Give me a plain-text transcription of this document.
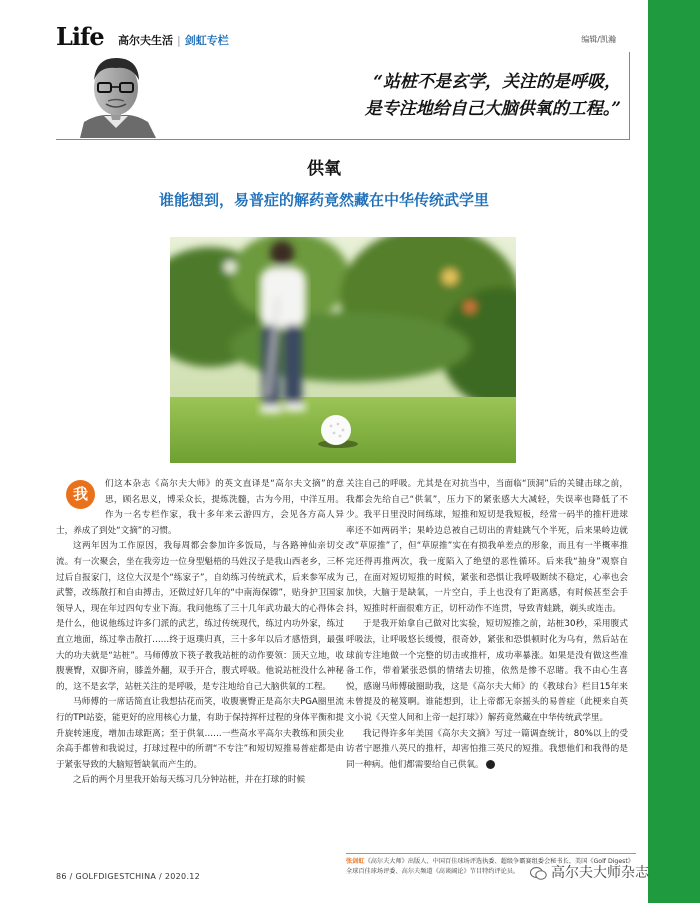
Life 高尔夫生活 | 剑虹专栏	编辑/凯瀚
“站桩不是玄学，关注的是呼吸，
是专注地给自己大脑供氧的工程。”
供氧
谁能想到，易普症的解药竟然藏在中华传统武学里

我
们这本杂志《高尔夫大师》的英文直译是“高尔夫文摘”的意思，顾名思义，博采众长，提炼洗髓，古为今用，中洋互用。作为一名专栏作家，我十多年来云游四方，会见各方高人异士，养成了到处“文摘”的习惯。

这两年因为工作原因，我每周都会参加许多饭局，与各路神仙亲切交流。有一次聚会，坐在我旁边一位身型魁梧的马姓汉子是我山西老乡，三杯过后自报家门，这位大汉是个“练家子”，自幼练习传统武术，后来参军成为武警，改练散打和自由搏击，还做过好几年的“中南海保镖”，贴身护卫国家领导人，现在年过四旬专业下海。我问他练了三十几年武功最大的心得体会是什么，他说他练过许多门派的武艺，练过传统现代，练过内功外家，练过直立地面，练过拳击散打……终于返璞归真，三十多年以后才感悟到，最强大的功夫就是“站桩”。马师傅放下筷子教我站桩的动作要领：顶天立地，收腹裹臀，双脚齐肩，膝盖外翻，双手开合，腹式呼吸。他说站桩没什么神秘的，这不是玄学，站桩关注的是呼吸，是专注地给自己大脑供氧的工程。

马师傅的一席话简直让我想拈花而笑，收腹裹臀正是高尔夫PGA圈里流行的TPI站姿，能更好的应用核心力量，有助于保持挥杆过程的身体平衡和提升旋转速度，增加击球距离；至于供氧……一些高水平高尔夫教练和顶尖业余高手都曾和我说过，打球过程中的所谓“不专注”和短切短推易普症都是由于紧张导致的大脑短暂缺氧而产生的。

之后的两个月里我开始每天练习几分钟站桩，并在打球的时候

关注自己的呼吸。尤其是在对抗当中，当面临“顶洞”后的关键击球之前，我都会先给自己“供氧”，压力下的紧张感大大减轻，失误率也降低了不少。我平日里没时间练球，短推和短切是我短板，经常一码半的推杆进球率还不如两码半；果岭边总被自己切出的青蛙跳气个半死，后来果岭边就改“草原推”了，但“草原推”实在有损我单差点的形象，而且有一半概率推完还得再推两次，我一度陷入了绝望的恶性循环。后来我“抽身”观察自己，在面对短切短推的时候，紧张和恐惧让我呼吸断续不稳定，心率也会加快，大脑于是缺氧，一片空白，手上也没有了距离感，有时候甚至会手抖，短推时杆面很难方正，切杆动作不连贯，导致青蛙跳，剃头或连击。

于是我开始拿自己做对比实验，短切短推之前，站桩30秒，采用腹式呼吸法，让呼吸悠长缓慢，很奇妙，紧张和恐惧顿时化为乌有，然后站在球前专注地做一个完整的切击或推杆，成功率暴涨。如果是没有做这些准备工作，带着紧张恐惧的情绪去切推，依然是惨不忍睹。我不由心生喜悦，感谢马师傅破圈助我，这是《高尔夫大师》的《教球台》栏目15年来未曾提及的秘笈啊。谁能想到，让上帝都无奈摇头的易普症（此梗来自英文小说《天堂人间和上帝一起打球》）解药竟然藏在中华传统武学里。

我记得许多年美国《高尔夫文摘》写过一篇调查统计，80%以上的受访者宁愿推八英尺的推杆，却害怕推三英尺的短推。我想他们和我得的是同一种病。他们都需要给自己供氧。	G

张剑虹《高尔夫大师》出版人、中国百佳球场评选执委、超级争霸赛组委会秘书长、美国《Golf Digest》全球百佳球场评委、高尔夫频道《高谈阔论》节目特约评论员。
86 / GOLFDIGESTCHINA / 2020.12	高尔夫大师杂志
